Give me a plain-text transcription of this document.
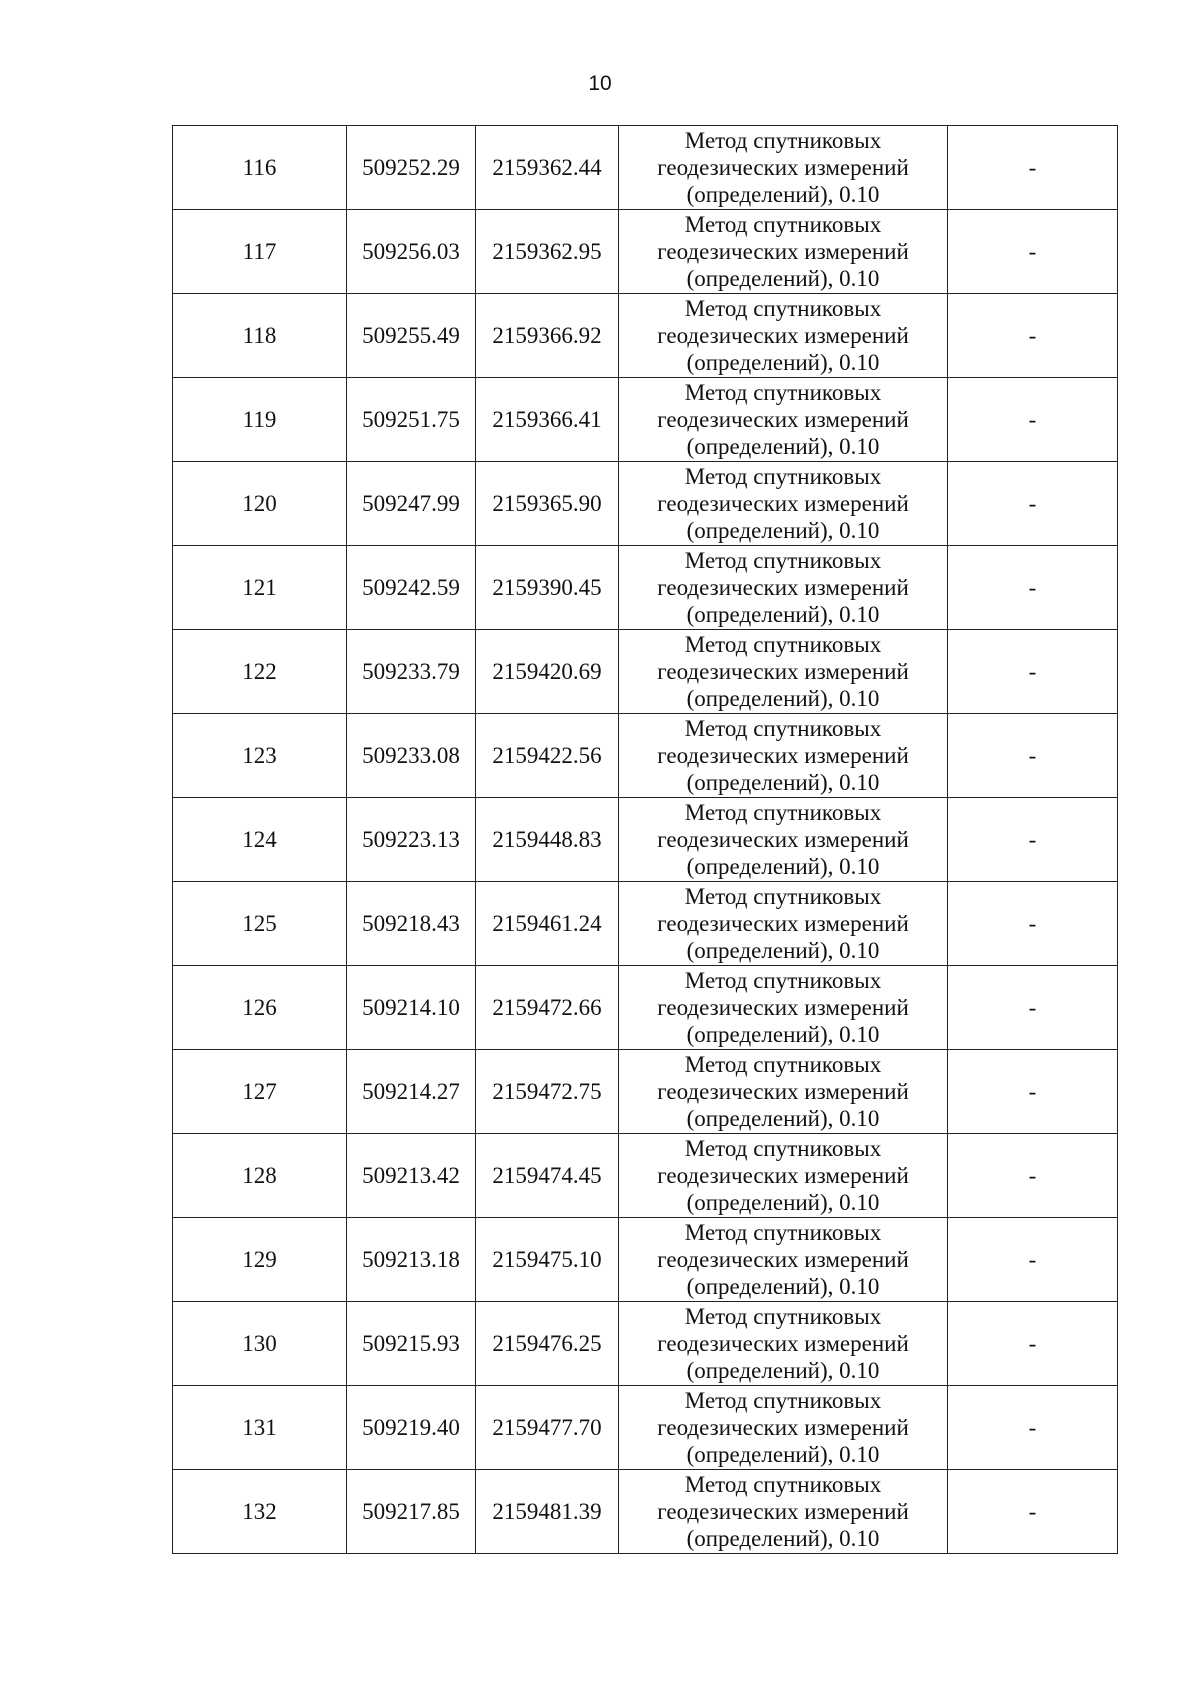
10
116	509252.29	2159362.44	Метод спутниковых
геодезических измерений
(определений), 0.10	-
117	509256.03	2159362.95	Метод спутниковых
геодезических измерений
(определений), 0.10	-
118	509255.49	2159366.92	Метод спутниковых
геодезических измерений
(определений), 0.10	-
119	509251.75	2159366.41	Метод спутниковых
геодезических измерений
(определений), 0.10	-
120	509247.99	2159365.90	Метод спутниковых
геодезических измерений
(определений), 0.10	-
121	509242.59	2159390.45	Метод спутниковых
геодезических измерений
(определений), 0.10	-
122	509233.79	2159420.69	Метод спутниковых
геодезических измерений
(определений), 0.10	-
123	509233.08	2159422.56	Метод спутниковых
геодезических измерений
(определений), 0.10	-
124	509223.13	2159448.83	Метод спутниковых
геодезических измерений
(определений), 0.10	-
125	509218.43	2159461.24	Метод спутниковых
геодезических измерений
(определений), 0.10	-
126	509214.10	2159472.66	Метод спутниковых
геодезических измерений
(определений), 0.10	-
127	509214.27	2159472.75	Метод спутниковых
геодезических измерений
(определений), 0.10	-
128	509213.42	2159474.45	Метод спутниковых
геодезических измерений
(определений), 0.10	-
129	509213.18	2159475.10	Метод спутниковых
геодезических измерений
(определений), 0.10	-
130	509215.93	2159476.25	Метод спутниковых
геодезических измерений
(определений), 0.10	-
131	509219.40	2159477.70	Метод спутниковых
геодезических измерений
(определений), 0.10	-
132	509217.85	2159481.39	Метод спутниковых
геодезических измерений
(определений), 0.10	-
